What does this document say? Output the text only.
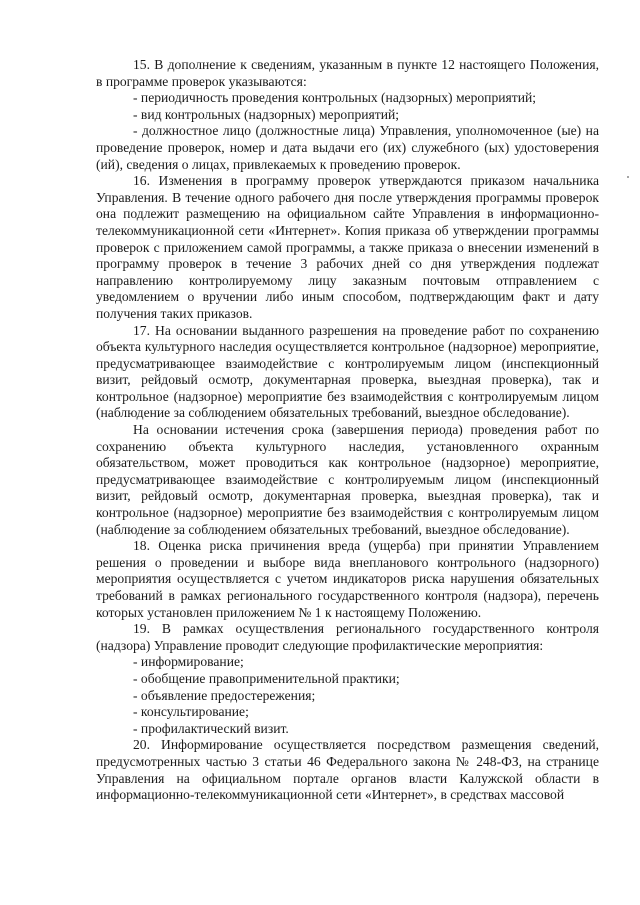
15. В дополнение к сведениям, указанным в пункте 12 настоящего Положения, в программе проверок указываются:

- периодичность проведения контрольных (надзорных) мероприятий;

- вид контрольных (надзорных) мероприятий;

- должностное лицо (должностные лица) Управления, уполномоченное (ые) на проведение проверок, номер и дата выдачи его (их) служебного (ых) удостоверения (ий), сведения о лицах, привлекаемых к проведению проверок.

16. Изменения в программу проверок утверждаются приказом начальника Управления. В течение одного рабочего дня после утверждения программы проверок она подлежит размещению на официальном сайте Управления в информационно-телекоммуникационной сети «Интернет». Копия приказа об утверждении программы проверок с приложением самой программы, а также приказа о внесении изменений в программу проверок в течение 3 рабочих дней со дня утверждения подлежат направлению контролируемому лицу заказным почтовым отправлением с уведомлением о вручении либо иным способом, подтверждающим факт и дату получения таких приказов.

17. На основании выданного разрешения на проведение работ по сохранению объекта культурного наследия осуществляется контрольное (надзорное) мероприятие, предусматривающее взаимодействие с контролируемым лицом (инспекционный визит, рейдовый осмотр, документарная проверка, выездная проверка), так и контрольное (надзорное) мероприятие без взаимодействия с контролируемым лицом (наблюдение за соблюдением обязательных требований, выездное обследование).

На основании истечения срока (завершения периода) проведения работ по сохранению объекта культурного наследия, установленного охранным обязательством, может проводиться как контрольное (надзорное) мероприятие, предусматривающее взаимодействие с контролируемым лицом (инспекционный визит, рейдовый осмотр, документарная проверка, выездная проверка), так и контрольное (надзорное) мероприятие без взаимодействия с контролируемым лицом (наблюдение за соблюдением обязательных требований, выездное обследование).

18. Оценка риска причинения вреда (ущерба) при принятии Управлением решения о проведении и выборе вида внепланового контрольного (надзорного) мероприятия осуществляется с учетом индикаторов риска нарушения обязательных требований в рамках регионального государственного контроля (надзора), перечень которых установлен приложением № 1 к настоящему Положению.

19. В рамках осуществления регионального государственного контроля (надзора) Управление проводит следующие профилактические мероприятия:

- информирование;

- обобщение правоприменительной практики;

- объявление предостережения;

- консультирование;

- профилактический визит.

20. Информирование осуществляется посредством размещения сведений, предусмотренных частью 3 статьи 46 Федерального закона № 248-ФЗ, на странице Управления на официальном портале органов власти Калужской области в информационно-телекоммуникационной сети «Интернет», в средствах массовой
